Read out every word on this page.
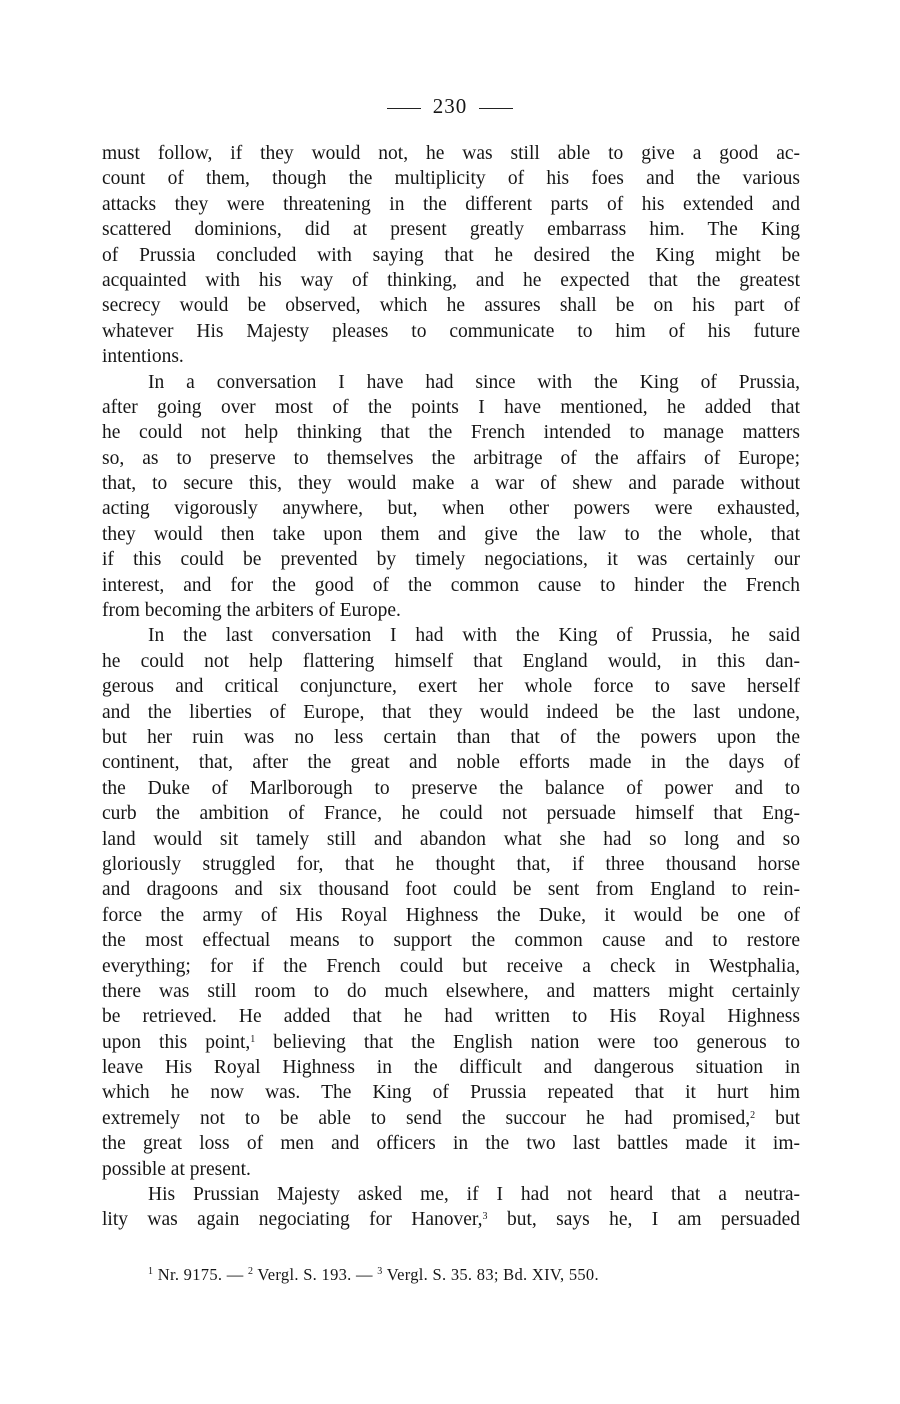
230
must follow, if they would not, he was still able to give a good ac-
count of them, though the multiplicity of his foes and the various
attacks they were threatening in the different parts of his extended and
scattered dominions, did at present greatly embarrass him. The King
of Prussia concluded with saying that he desired the King might be
acquainted with his way of thinking, and he expected that the greatest
secrecy would be observed, which he assures shall be on his part of
whatever His Majesty pleases to communicate to him of his future
intentions.
In a conversation I have had since with the King of Prussia,
after going over most of the points I have mentioned, he added that
he could not help thinking that the French intended to manage matters
so, as to preserve to themselves the arbitrage of the affairs of Europe;
that, to secure this, they would make a war of shew and parade without
acting vigorously anywhere, but, when other powers were exhausted,
they would then take upon them and give the law to the whole, that
if this could be prevented by timely negociations, it was certainly our
interest, and for the good of the common cause to hinder the French
from becoming the arbiters of Europe.
In the last conversation I had with the King of Prussia, he said
he could not help flattering himself that England would, in this dan-
gerous and critical conjuncture, exert her whole force to save herself
and the liberties of Europe, that they would indeed be the last undone,
but her ruin was no less certain than that of the powers upon the
continent, that, after the great and noble efforts made in the days of
the Duke of Marlborough to preserve the balance of power and to
curb the ambition of France, he could not persuade himself that Eng-
land would sit tamely still and abandon what she had so long and so
gloriously struggled for, that he thought that, if three thousand horse
and dragoons and six thousand foot could be sent from England to rein-
force the army of His Royal Highness the Duke, it would be one of
the most effectual means to support the common cause and to restore
everything; for if the French could but receive a check in Westphalia,
there was still room to do much elsewhere, and matters might certainly
be retrieved. He added that he had written to His Royal Highness
upon this point,$^1$ believing that the English nation were too generous to
leave His Royal Highness in the difficult and dangerous situation in
which he now was. The King of Prussia repeated that it hurt him
extremely not to be able to send the succour he had promised,$^2$ but
the great loss of men and officers in the two last battles made it im-
possible at present.
His Prussian Majesty asked me, if I had not heard that a neutra-
lity was again negociating for Hanover,$^3$ but, says he, I am persuaded
$^1$ Nr. 9175. — $^2$ Vergl. S. 193. — $^3$ Vergl. S. 35. 83; Bd. XIV, 550.
